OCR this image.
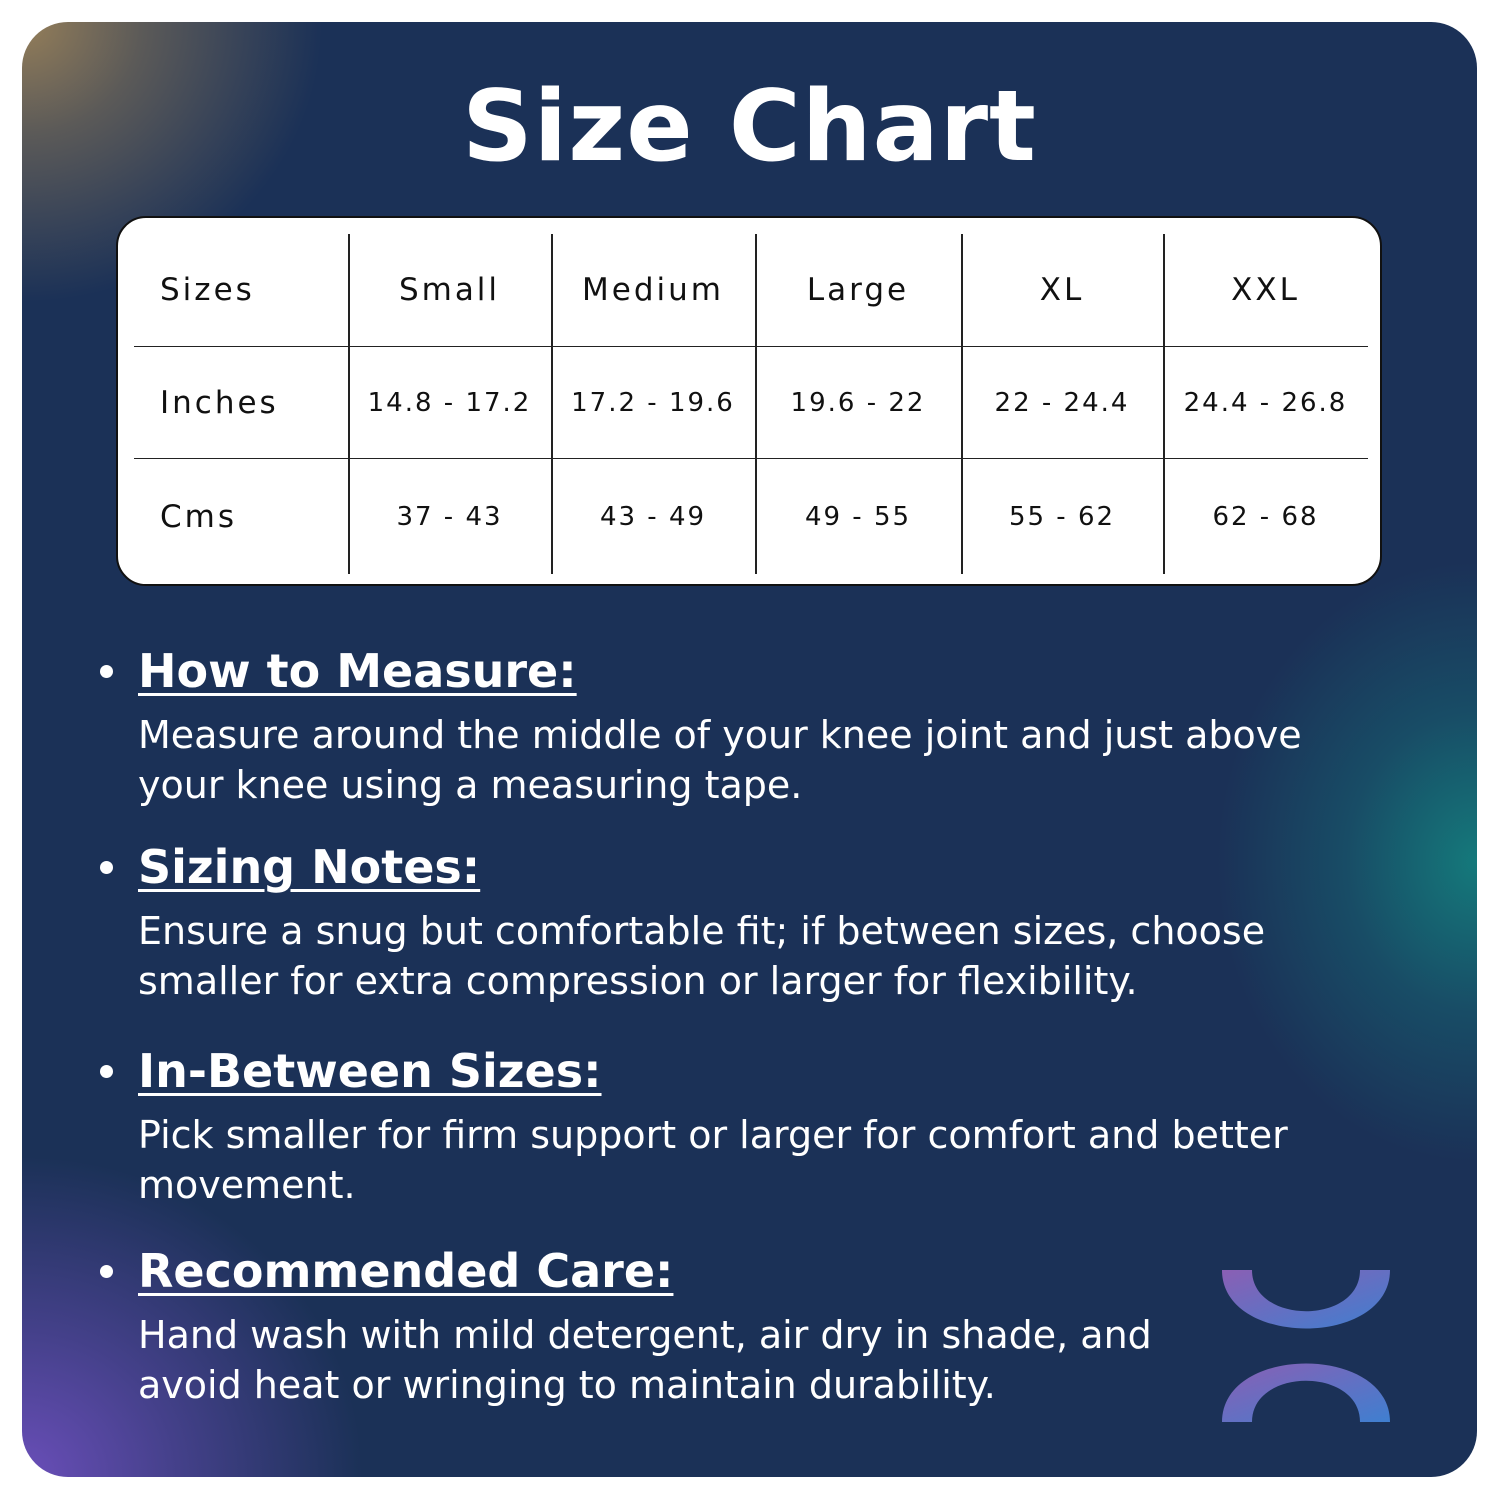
Size Chart
Sizes	Small	Medium	Large	XL	XXL
Inches	14.8 - 17.2	17.2 - 19.6	19.6 - 22	22 - 24.4	24.4 - 26.8
Cms	37 - 43	43 - 49	49 - 55	55 - 62	62 - 68
How to Measure:
Measure around the middle of your knee joint and just above your knee using a measuring tape.
Sizing Notes:
Ensure a snug but comfortable fit; if between sizes, choose smaller for extra compression or larger for flexibility.
In-Between Sizes:
Pick smaller for firm support or larger for comfort and better movement.
Recommended Care:
Hand wash with mild detergent, air dry in shade, and avoid heat or wringing to maintain durability.
